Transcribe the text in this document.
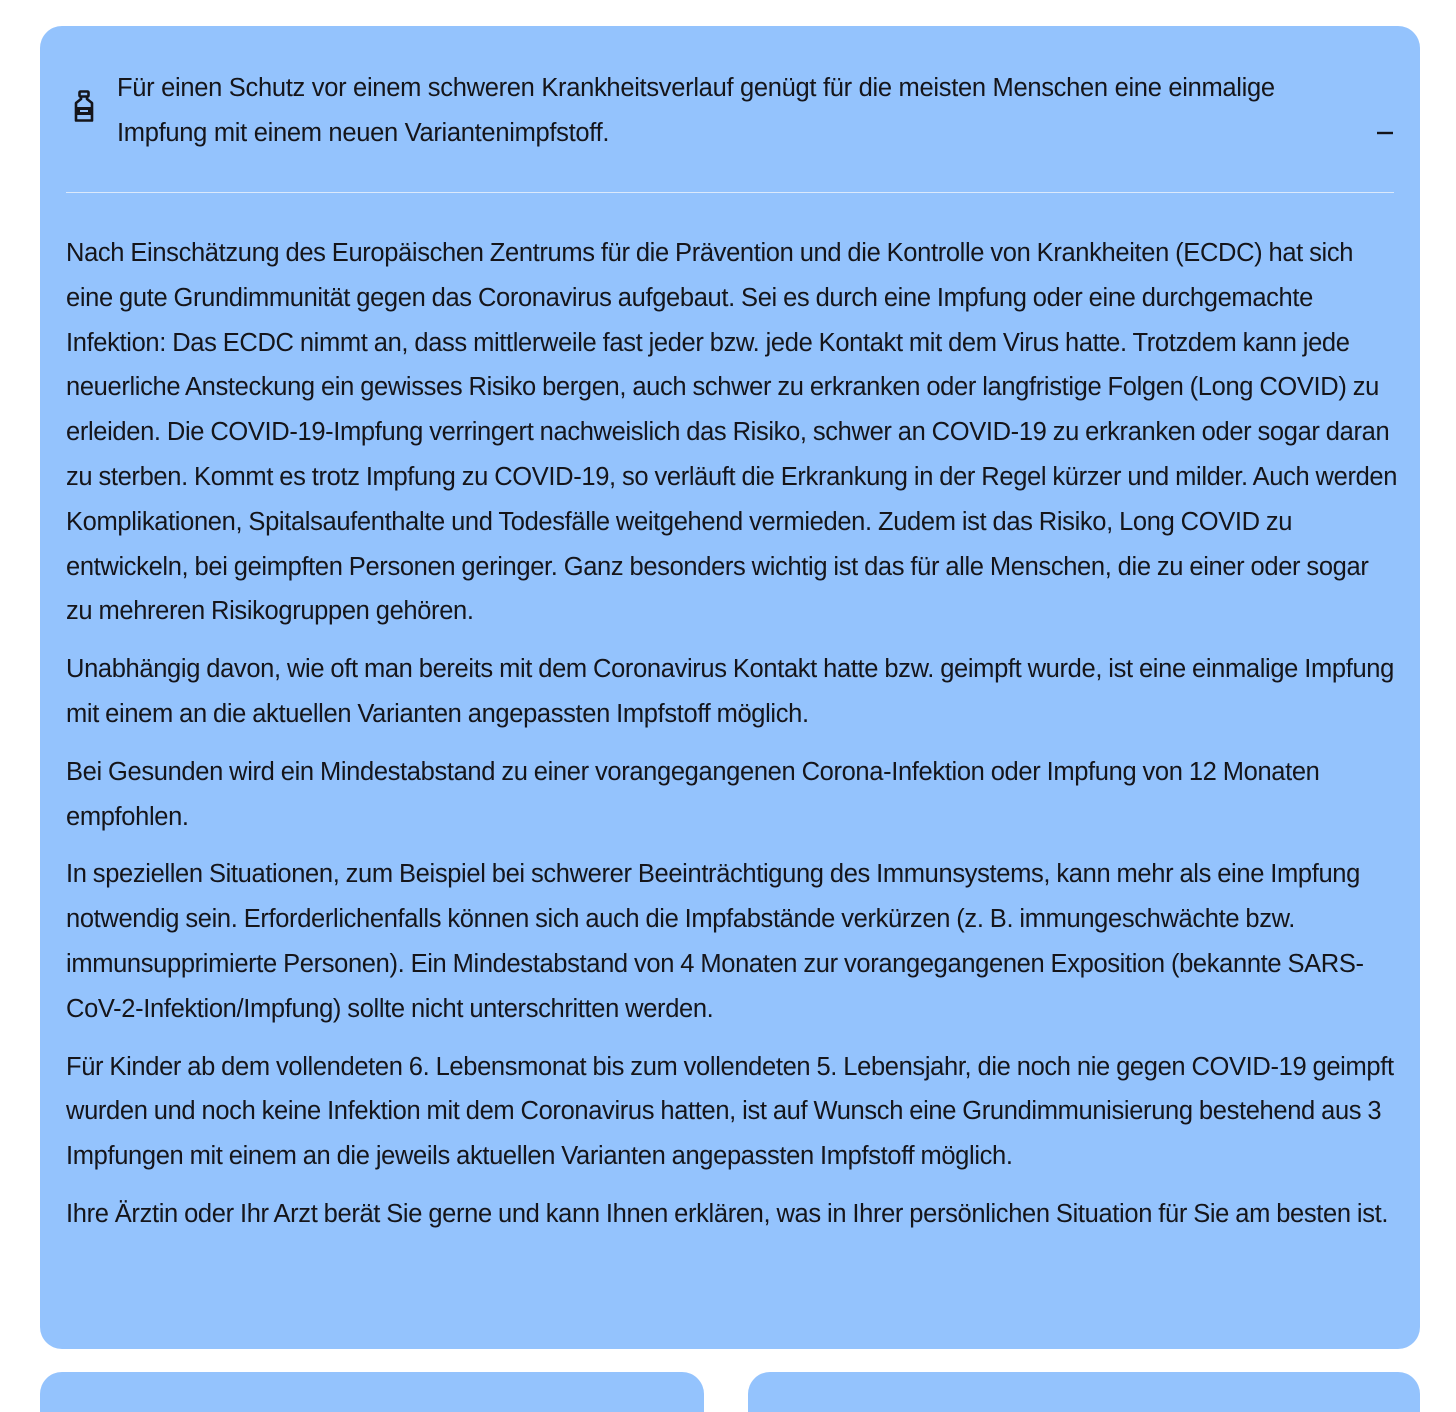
Für einen Schutz vor einem schweren Krankheitsverlauf genügt für die meisten Menschen eine einmalige Impfung mit einem neuen Variantenimpfstoff.

Nach Einschätzung des Europäischen Zentrums für die Prävention und die Kontrolle von Krankheiten (ECDC) hat sich eine gute Grundimmunität gegen das Coronavirus aufgebaut. Sei es durch eine Impfung oder eine durchgemachte Infektion: Das ECDC nimmt an, dass mittlerweile fast jeder bzw. jede Kontakt mit dem Virus hatte. Trotzdem kann jede neuerliche Ansteckung ein gewisses Risiko bergen, auch schwer zu erkranken oder langfristige Folgen (Long COVID) zu erleiden. Die COVID-19-Impfung verringert nachweislich das Risiko, schwer an COVID-19 zu erkranken oder sogar daran zu sterben. Kommt es trotz Impfung zu COVID-19, so verläuft die Erkrankung in der Regel kürzer und milder. Auch werden Komplikationen, Spitalsaufenthalte und Todesfälle weitgehend vermieden. Zudem ist das Risiko, Long COVID zu entwickeln, bei geimpften Personen geringer. Ganz besonders wichtig ist das für alle Menschen, die zu einer oder sogar zu mehreren Risikogruppen gehören.

Unabhängig davon, wie oft man bereits mit dem Coronavirus Kontakt hatte bzw. geimpft wurde, ist eine einmalige Impfung mit einem an die aktuellen Varianten angepassten Impfstoff möglich.

Bei Gesunden wird ein Mindestabstand zu einer vorangegangenen Corona-Infektion oder Impfung von 12 Monaten empfohlen.

In speziellen Situationen, zum Beispiel bei schwerer Beeinträchtigung des Immunsystems, kann mehr als eine Impfung notwendig sein. Erforderlichenfalls können sich auch die Impfabstände verkürzen (z. B. immungeschwächte bzw. immunsupprimierte Personen). Ein Mindestabstand von 4 Monaten zur vorangegangenen Exposition (bekannte SARS-CoV-2-Infektion/Impfung) sollte nicht unterschritten werden.

Für Kinder ab dem vollendeten 6. Lebensmonat bis zum vollendeten 5. Lebensjahr, die noch nie gegen COVID-19 geimpft wurden und noch keine Infektion mit dem Coronavirus hatten, ist auf Wunsch eine Grundimmunisierung bestehend aus 3 Impfungen mit einem an die jeweils aktuellen Varianten angepassten Impfstoff möglich.

Ihre Ärztin oder Ihr Arzt berät Sie gerne und kann Ihnen erklären, was in Ihrer persönlichen Situation für Sie am besten ist.
